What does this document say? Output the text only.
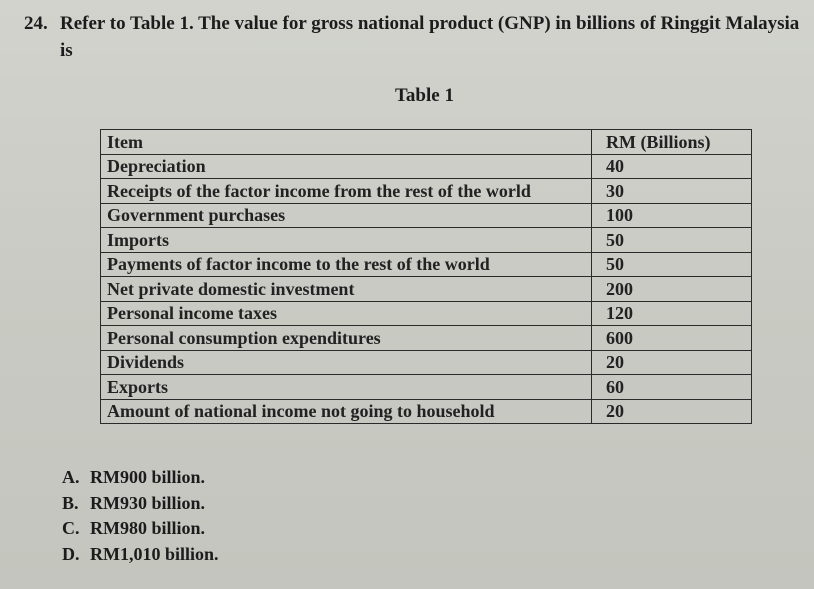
24. Refer to Table 1. The value for gross national product (GNP) in billions of Ringgit Malaysia
is
Table 1
Item	RM (Billions)
Depreciation	40
Receipts of the factor income from the rest of the world	30
Government purchases	100
Imports	50
Payments of factor income to the rest of the world	50
Net private domestic investment	200
Personal income taxes	120
Personal consumption expenditures	600
Dividends	20
Exports	60
Amount of national income not going to household	20
A. RM900 billion.
B. RM930 billion.
C. RM980 billion.
D. RM1,010 billion.
